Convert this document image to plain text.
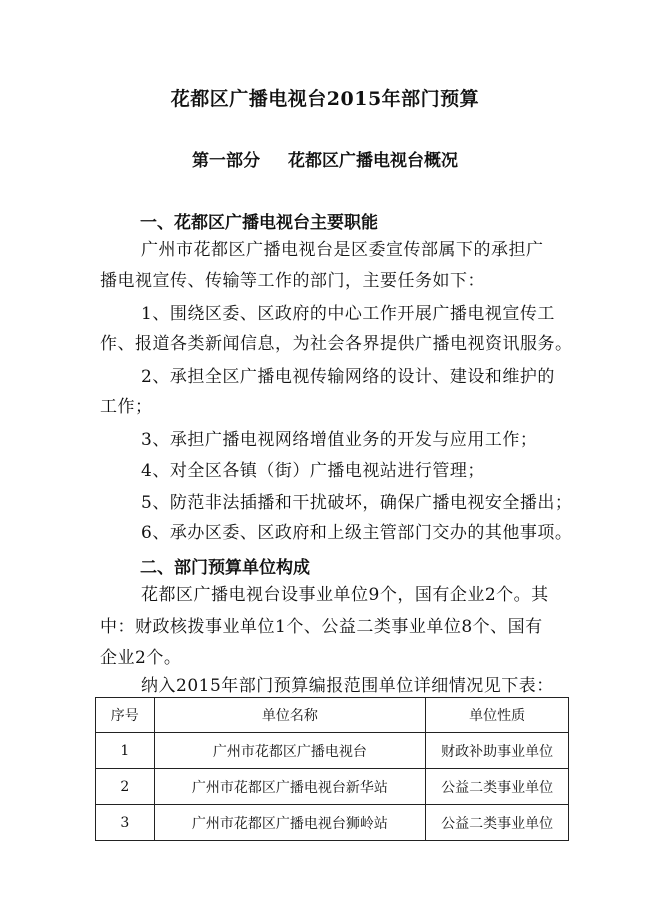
花都区广播电视台2015年部门预算
第一部分 花都区广播电视台概况
一、花都区广播电视台主要职能
广州市花都区广播电视台是区委宣传部属下的承担广
播电视宣传、传输等工作的部门，主要任务如下：
1、围绕区委、区政府的中心工作开展广播电视宣传工
作、报道各类新闻信息，为社会各界提供广播电视资讯服务。
2、承担全区广播电视传输网络的设计、建设和维护的
工作；
3、承担广播电视网络增值业务的开发与应用工作；
4、对全区各镇（街）广播电视站进行管理；
5、防范非法插播和干扰破坏，确保广播电视安全播出；
6、承办区委、区政府和上级主管部门交办的其他事项。
二、部门预算单位构成
花都区广播电视台设事业单位9个，国有企业2个。其
中：财政核拨事业单位1个、公益二类事业单位8个、国有
企业2个。
纳入2015年部门预算编报范围单位详细情况见下表：
序号	单位名称	单位性质
1	广州市花都区广播电视台	财政补助事业单位
2	广州市花都区广播电视台新华站	公益二类事业单位
3	广州市花都区广播电视台狮岭站	公益二类事业单位
